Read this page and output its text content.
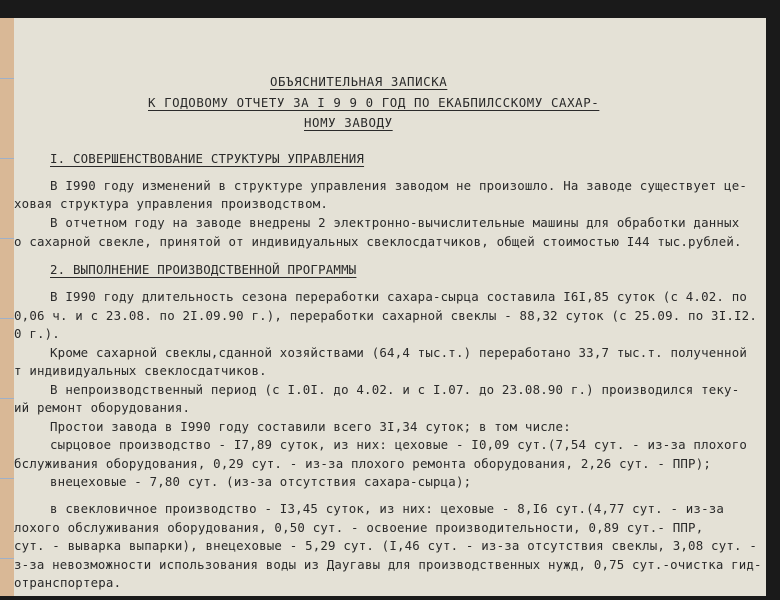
ОБЪЯСНИТЕЛЬНАЯ ЗАПИСКА
К ГОДОВОМУ ОТЧЕТУ ЗА I 9 9 0 ГОД ПО ЕКАБПИЛССКОМУ САХАР-
НОМУ ЗАВОДУ
I. СОВЕРШЕНСТВОВАНИЕ СТРУКТУРЫ УПРАВЛЕНИЯ
В I990 году изменений в структуре управления заводом не произошло. На заводе существует це-
ховая структура управления производством.
В отчетном году на заводе внедрены 2 электронно-вычислительные машины для обработки данных
о сахарной свекле, принятой от индивидуальных свеклосдатчиков, общей стоимостью I44 тыс.рублей.
2. ВЫПОЛНЕНИЕ ПРОИЗВОДСТВЕННОЙ ПРОГРАММЫ
В I990 году длительность сезона переработки сахара-сырца составила I6I,85 суток (с 4.02. по
0,06 ч. и с 23.08. по 2I.09.90 г.), переработки сахарной свеклы - 88,32 суток (с 25.09. по 3I.I2.
0 г.).
Кроме сахарной свеклы,сданной хозяйствами (64,4 тыс.т.) переработано 33,7 тыс.т. полученной
т индивидуальных свеклосдатчиков.
В непроизводственный период (с I.0I. до 4.02. и с I.07. до 23.08.90 г.) производился теку-
ий ремонт оборудования.
Простои завода в I990 году составили всего 3I,34 суток; в том числе:
сырцовое производство - I7,89 суток, из них: цеховые - I0,09 сут.(7,54 сут. - из-за плохого
бслуживания оборудования, 0,29 сут. - из-за плохого ремонта оборудования, 2,26 сут. - ППР);
внецеховые - 7,80 сут. (из-за отсутствия сахара-сырца);
в свекловичное производство - I3,45 суток, из них: цеховые - 8,I6 сут.(4,77 сут. - из-за
лохого обслуживания оборудования, 0,50 сут. - освоение производительности, 0,89 сут.- ППР,
сут. - выварка выпарки), внецеховые - 5,29 сут. (I,46 сут. - из-за отсутствия свеклы, 3,08 сут. -
з-за невозможности использования воды из Даугавы для производственных нужд, 0,75 сут.-очистка гид-
отранспортера.
